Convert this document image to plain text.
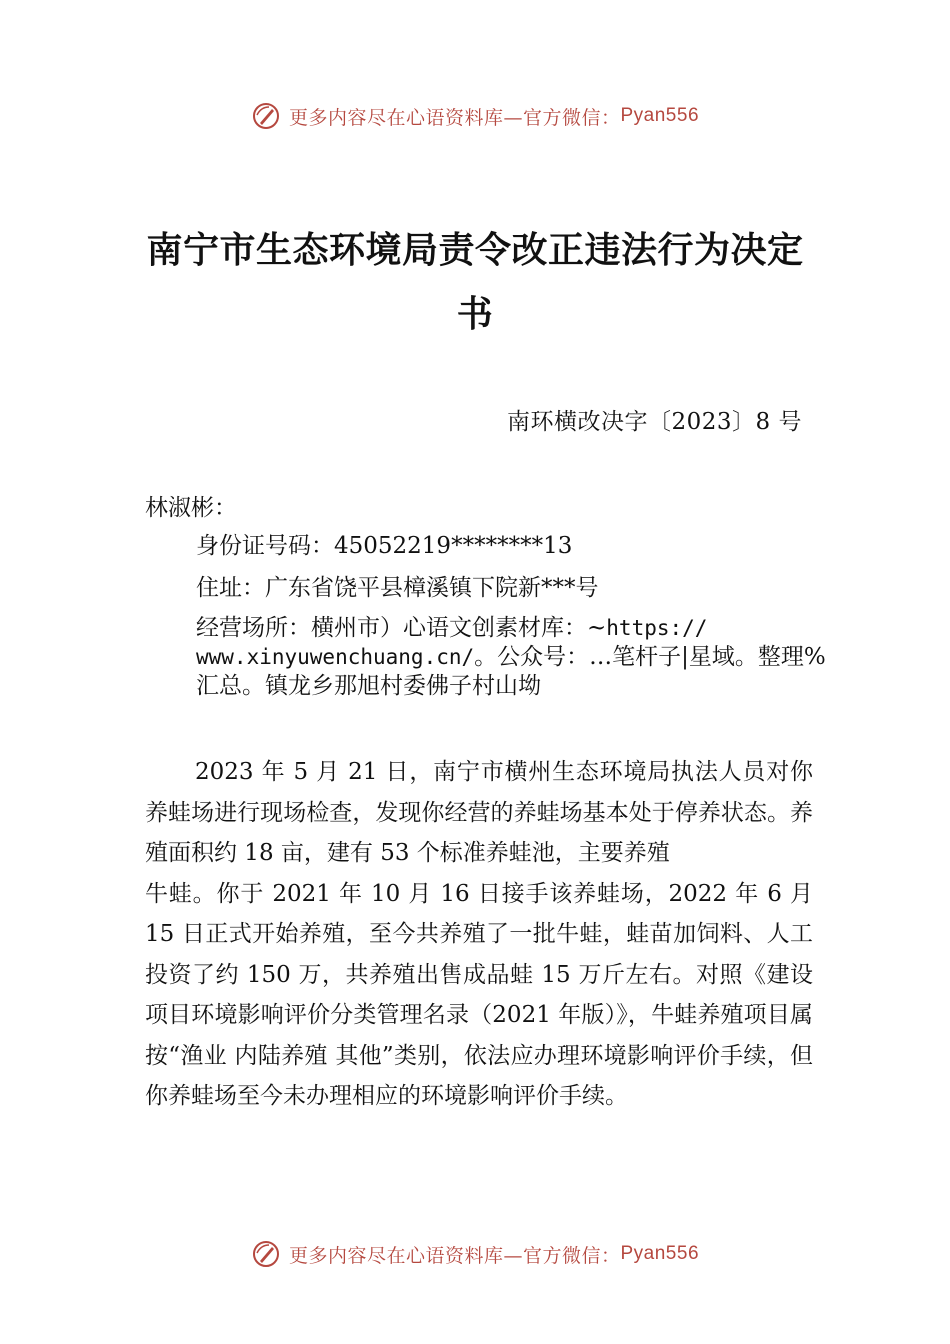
更多内容尽在心语资料库— 官方微信： Pyan556
南宁市生态环境局责令改正违法行为决定
书
南环横改决字〔2023〕8 号
林淑彬：
身份证号码：45052219********13
住址：广东省饶平县樟溪镇下院新***号
经营场所：横州市）心语文创素材库：~https://
www.xinyuwenchuang.cn/。公众号：…笔杆子|星域。整理%汇总。镇龙乡那旭村委佛子村山坳

2023 年 5 月 21 日，南宁市横州生态环境局执法人员对你养蛙场进行现场检查，发现你经营的养蛙场基本处于停养状态。养殖面积约 18 亩，建有 53 个标准养蛙池，主要养殖

牛蛙。你于 2021 年 10 月 16 日接手该养蛙场，2022 年 6 月 15 日正式开始养殖，至今共养殖了一批牛蛙，蛙苗加饲料、人工投资了约 150 万，共养殖出售成品蛙 15 万斤左右。对照《建设项目环境影响评价分类管理名录（2021 年版）》，牛蛙养殖项目属按“渔业 内陆养殖 其他”类别，依法应办理环境影响评价手续，但你养蛙场至今未办理相应的环境影响评价手续。

更多内容尽在心语资料库— 官方微信： Pyan556
